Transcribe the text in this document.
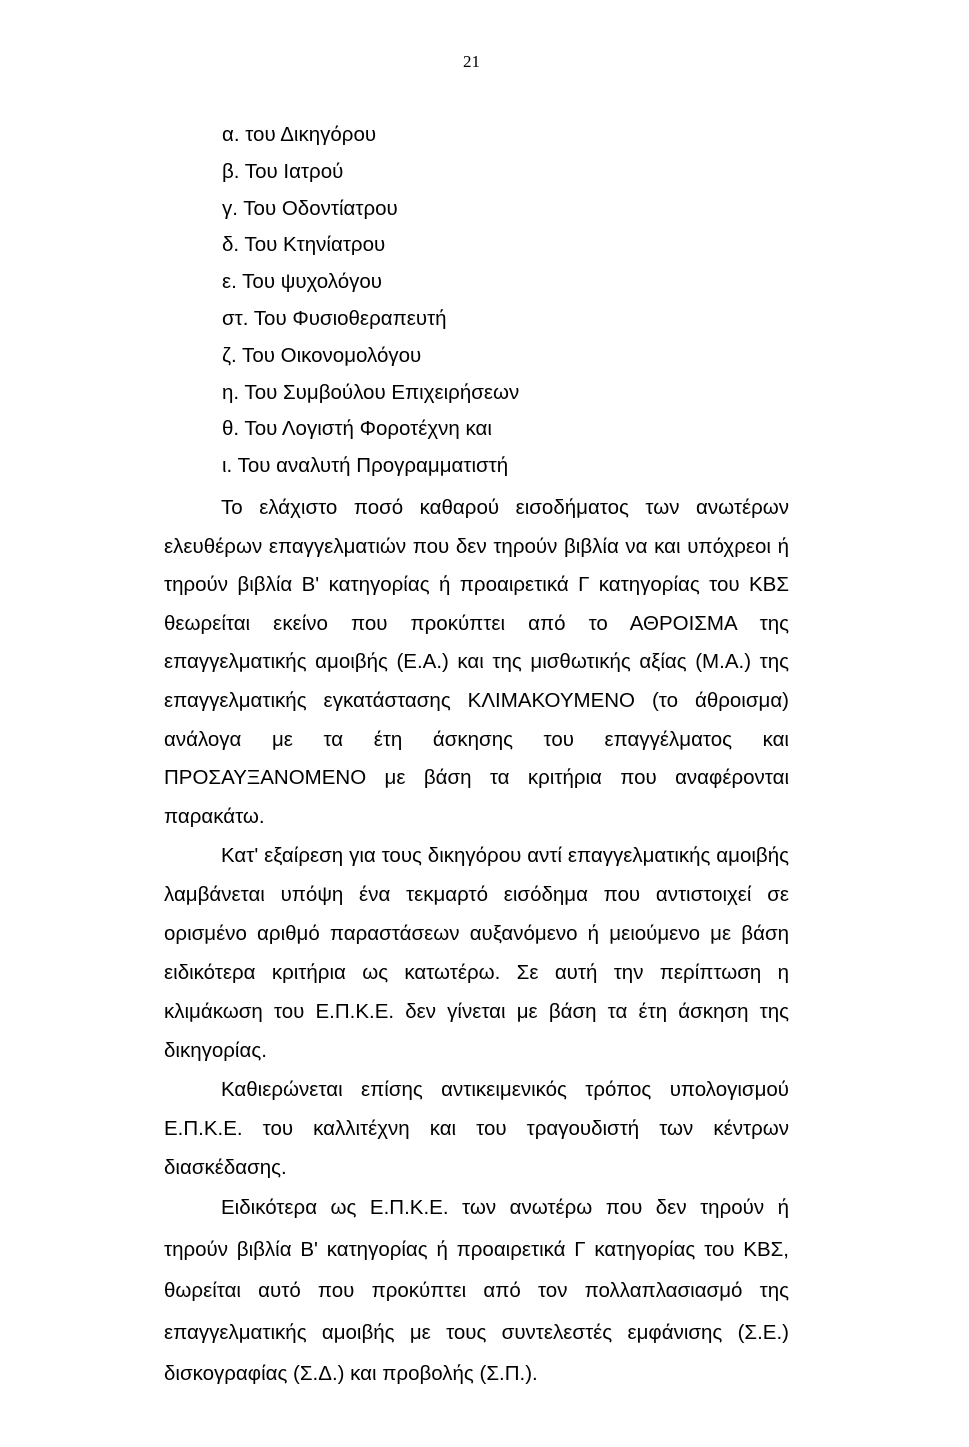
21
α. του Δικηγόρου
β. Του Ιατρού
γ. Του Οδοντίατρου
δ. Του Κτηνίατρου
ε. Του ψυχολόγου
στ. Του Φυσιοθεραπευτή
ζ. Του Οικονομολόγου
η. Του Συμβούλου Επιχειρήσεων
θ. Του Λογιστή Φοροτέχνη και
ι. Του αναλυτή Προγραμματιστή

Το ελάχιστο ποσό καθαρού εισοδήματος των ανωτέρων ελευθέρων επαγγελματιών που δεν τηρούν βιβλία να και υπόχρεοι ή τηρούν βιβλία Β' κατηγορίας ή προαιρετικά Γ κατηγορίας του ΚΒΣ θεωρείται εκείνο που προκύπτει από το ΑΘΡΟΙΣΜΑ της επαγγελματικής αμοιβής (Ε.Α.) και της μισθωτικής αξίας (Μ.Α.) της επαγγελματικής εγκατάστασης ΚΛΙΜΑΚΟΥΜΕΝΟ (το άθροισμα) ανάλογα με τα έτη άσκησης του επαγγέλματος και ΠΡΟΣΑΥΞΑΝΟΜΕΝΟ με βάση τα κριτήρια που αναφέρονται παρακάτω.

Κατ' εξαίρεση για τους δικηγόρου αντί επαγγελματικής αμοιβής λαμβάνεται υπόψη ένα τεκμαρτό εισόδημα που αντιστοιχεί σε ορισμένο αριθμό παραστάσεων αυξανόμενο ή μειούμενο με βάση ειδικότερα κριτήρια ως κατωτέρω. Σε αυτή την περίπτωση η κλιμάκωση του Ε.Π.Κ.Ε. δεν γίνεται με βάση τα έτη άσκηση της δικηγορίας.

Καθιερώνεται επίσης αντικειμενικός τρόπος υπολογισμού Ε.Π.Κ.Ε. του καλλιτέχνη και του τραγουδιστή των κέντρων διασκέδασης.

Ειδικότερα ως Ε.Π.Κ.Ε. των ανωτέρω που δεν τηρούν ή τηρούν βιβλία Β' κατηγορίας ή προαιρετικά Γ κατηγορίας του ΚΒΣ, θωρείται αυτό που προκύπτει από τον πολλαπλασιασμό της επαγγελματικής αμοιβής με τους συντελεστές εμφάνισης (Σ.Ε.) δισκογραφίας (Σ.Δ.) και προβολής (Σ.Π.).
